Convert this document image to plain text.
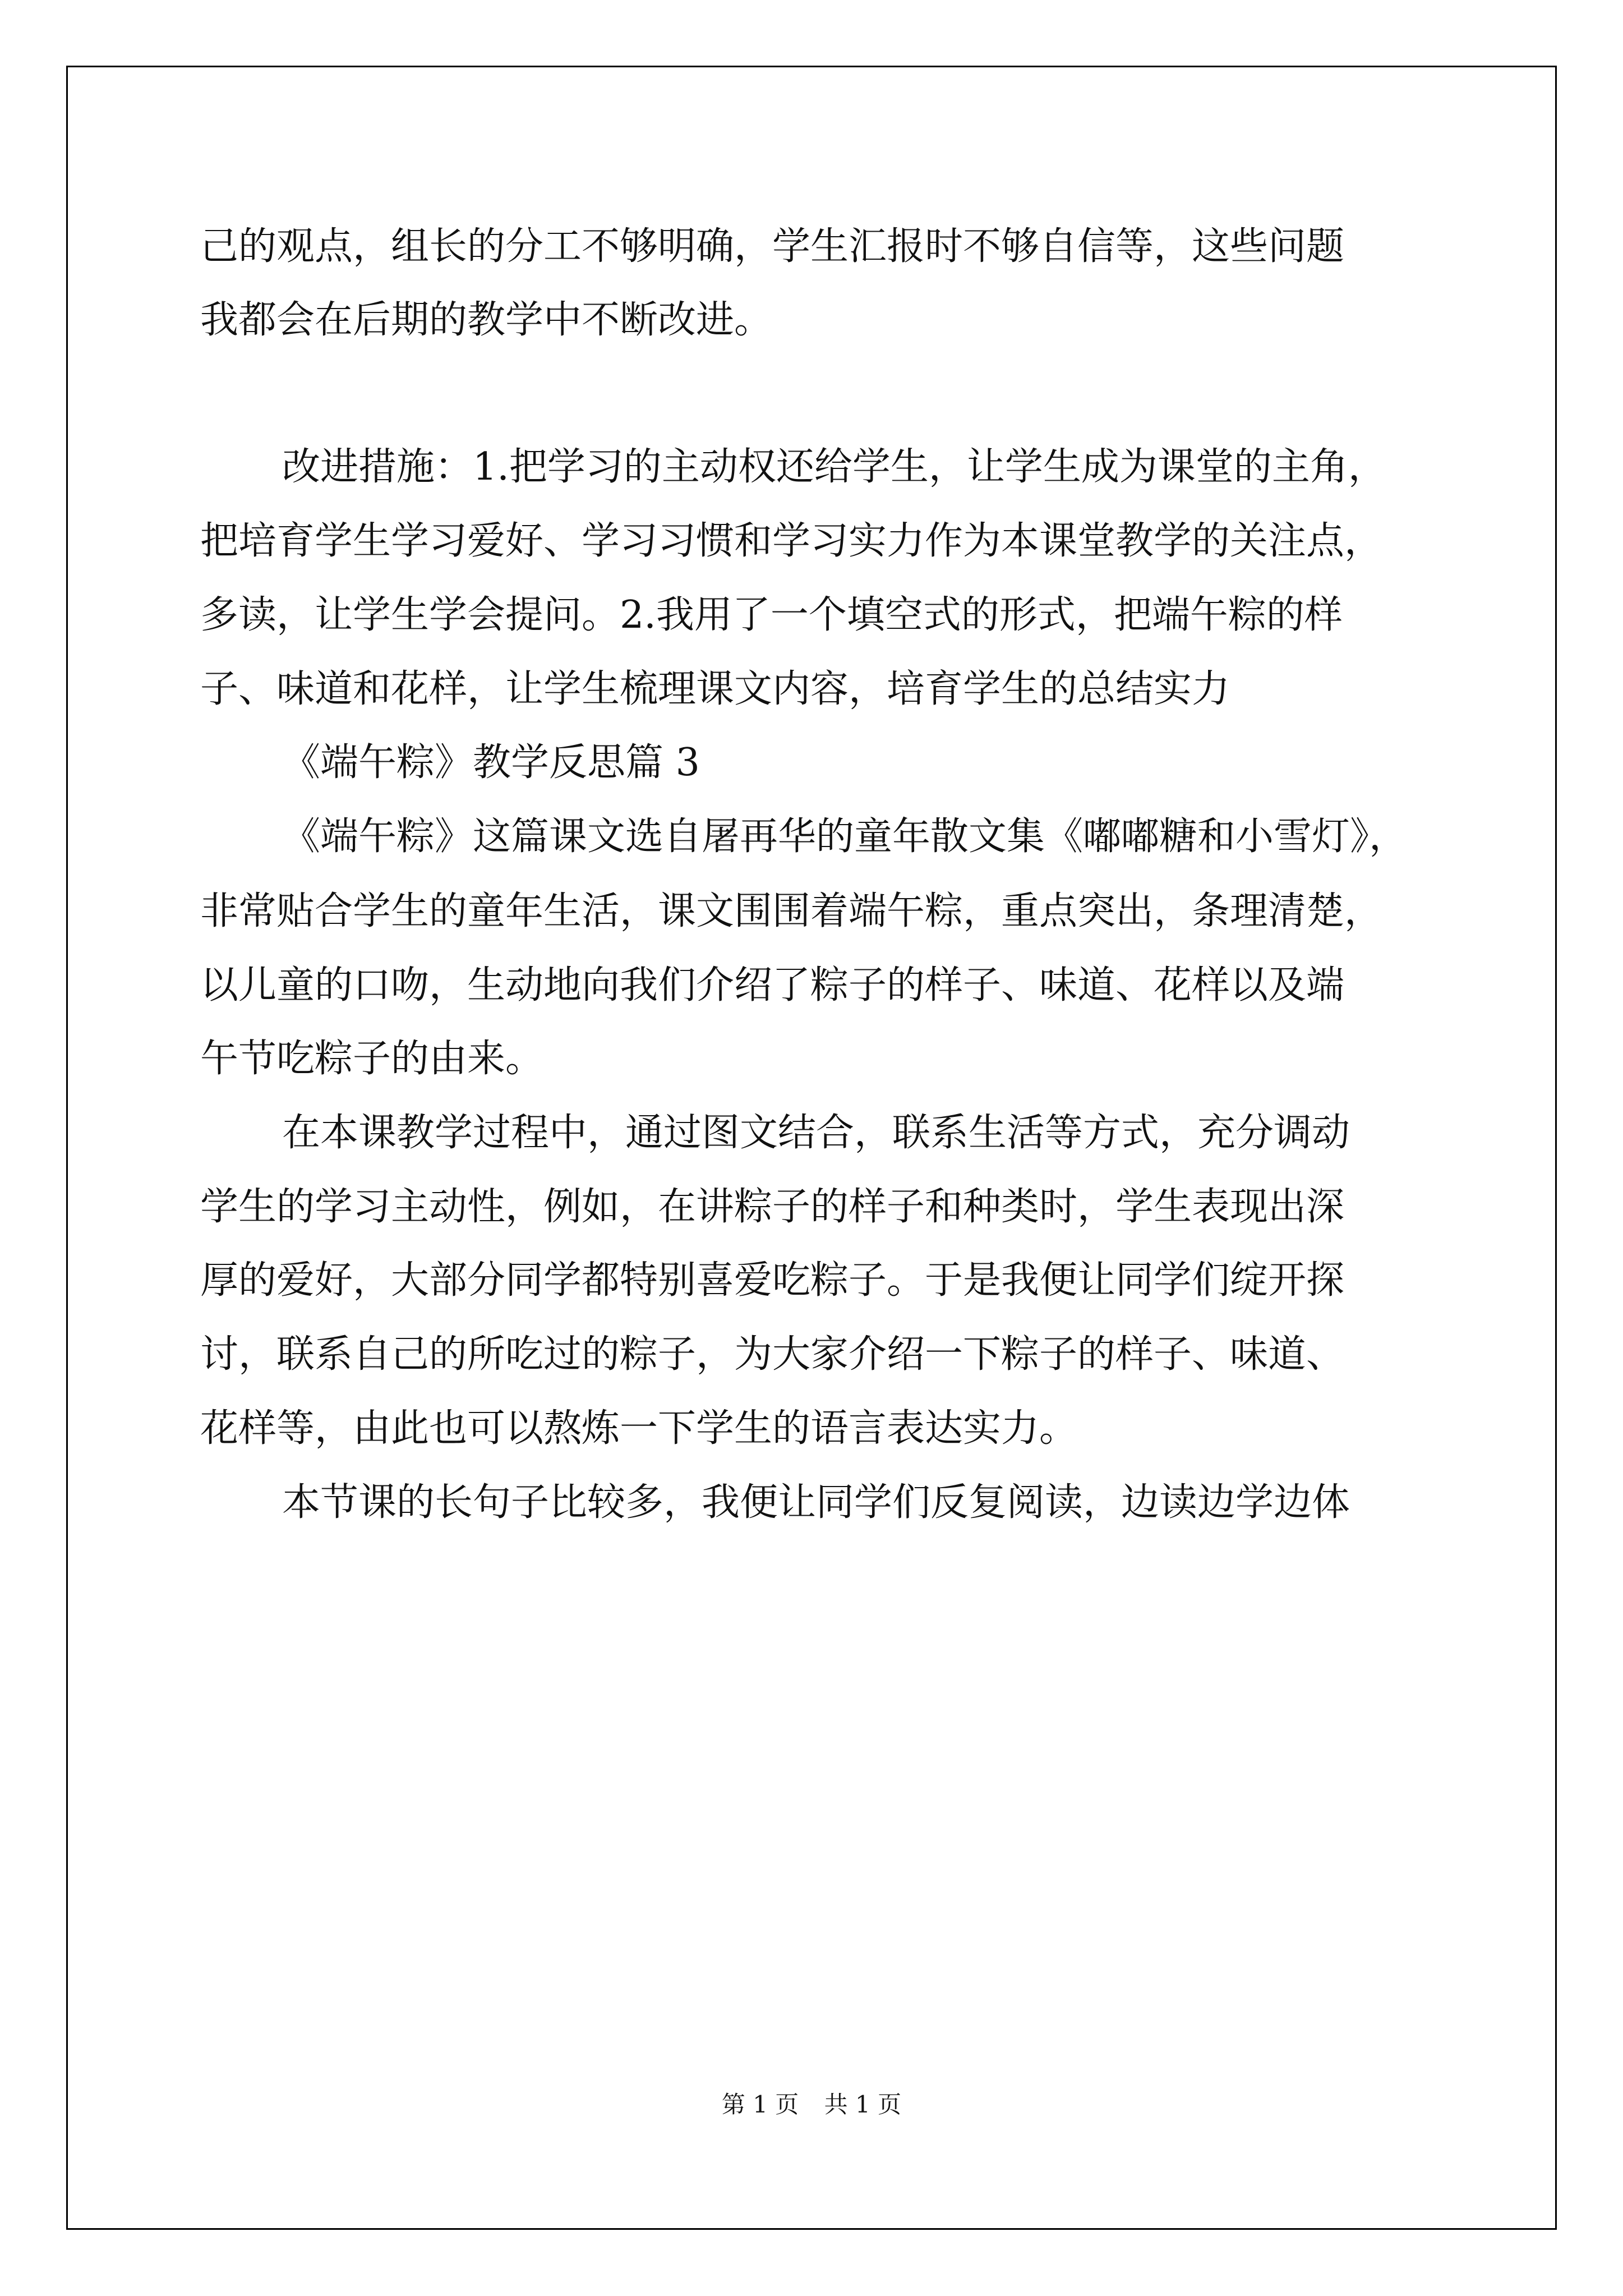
己的观点，组长的分工不够明确，学生汇报时不够自信等，这些问题
我都会在后期的教学中不断改进。
改进措施：1.把学习的主动权还给学生，让学生成为课堂的主角，
把培育学生学习爱好、学习习惯和学习实力作为本课堂教学的关注点，
多读，让学生学会提问。2.我用了一个填空式的形式，把端午粽的样
子、味道和花样，让学生梳理课文内容，培育学生的总结实力
《端午粽》教学反思篇 3
《端午粽》这篇课文选自屠再华的童年散文集《嘟嘟糖和小雪灯》，
非常贴合学生的童年生活，课文围围着端午粽，重点突出，条理清楚，
以儿童的口吻，生动地向我们介绍了粽子的样子、味道、花样以及端
午节吃粽子的由来。
在本课教学过程中，通过图文结合，联系生活等方式，充分调动
学生的学习主动性，例如，在讲粽子的样子和种类时，学生表现出深
厚的爱好，大部分同学都特别喜爱吃粽子。于是我便让同学们绽开探
讨，联系自己的所吃过的粽子，为大家介绍一下粽子的样子、味道、
花样等，由此也可以熬炼一下学生的语言表达实力。
本节课的长句子比较多，我便让同学们反复阅读，边读边学边体
第 1 页 共 1 页
